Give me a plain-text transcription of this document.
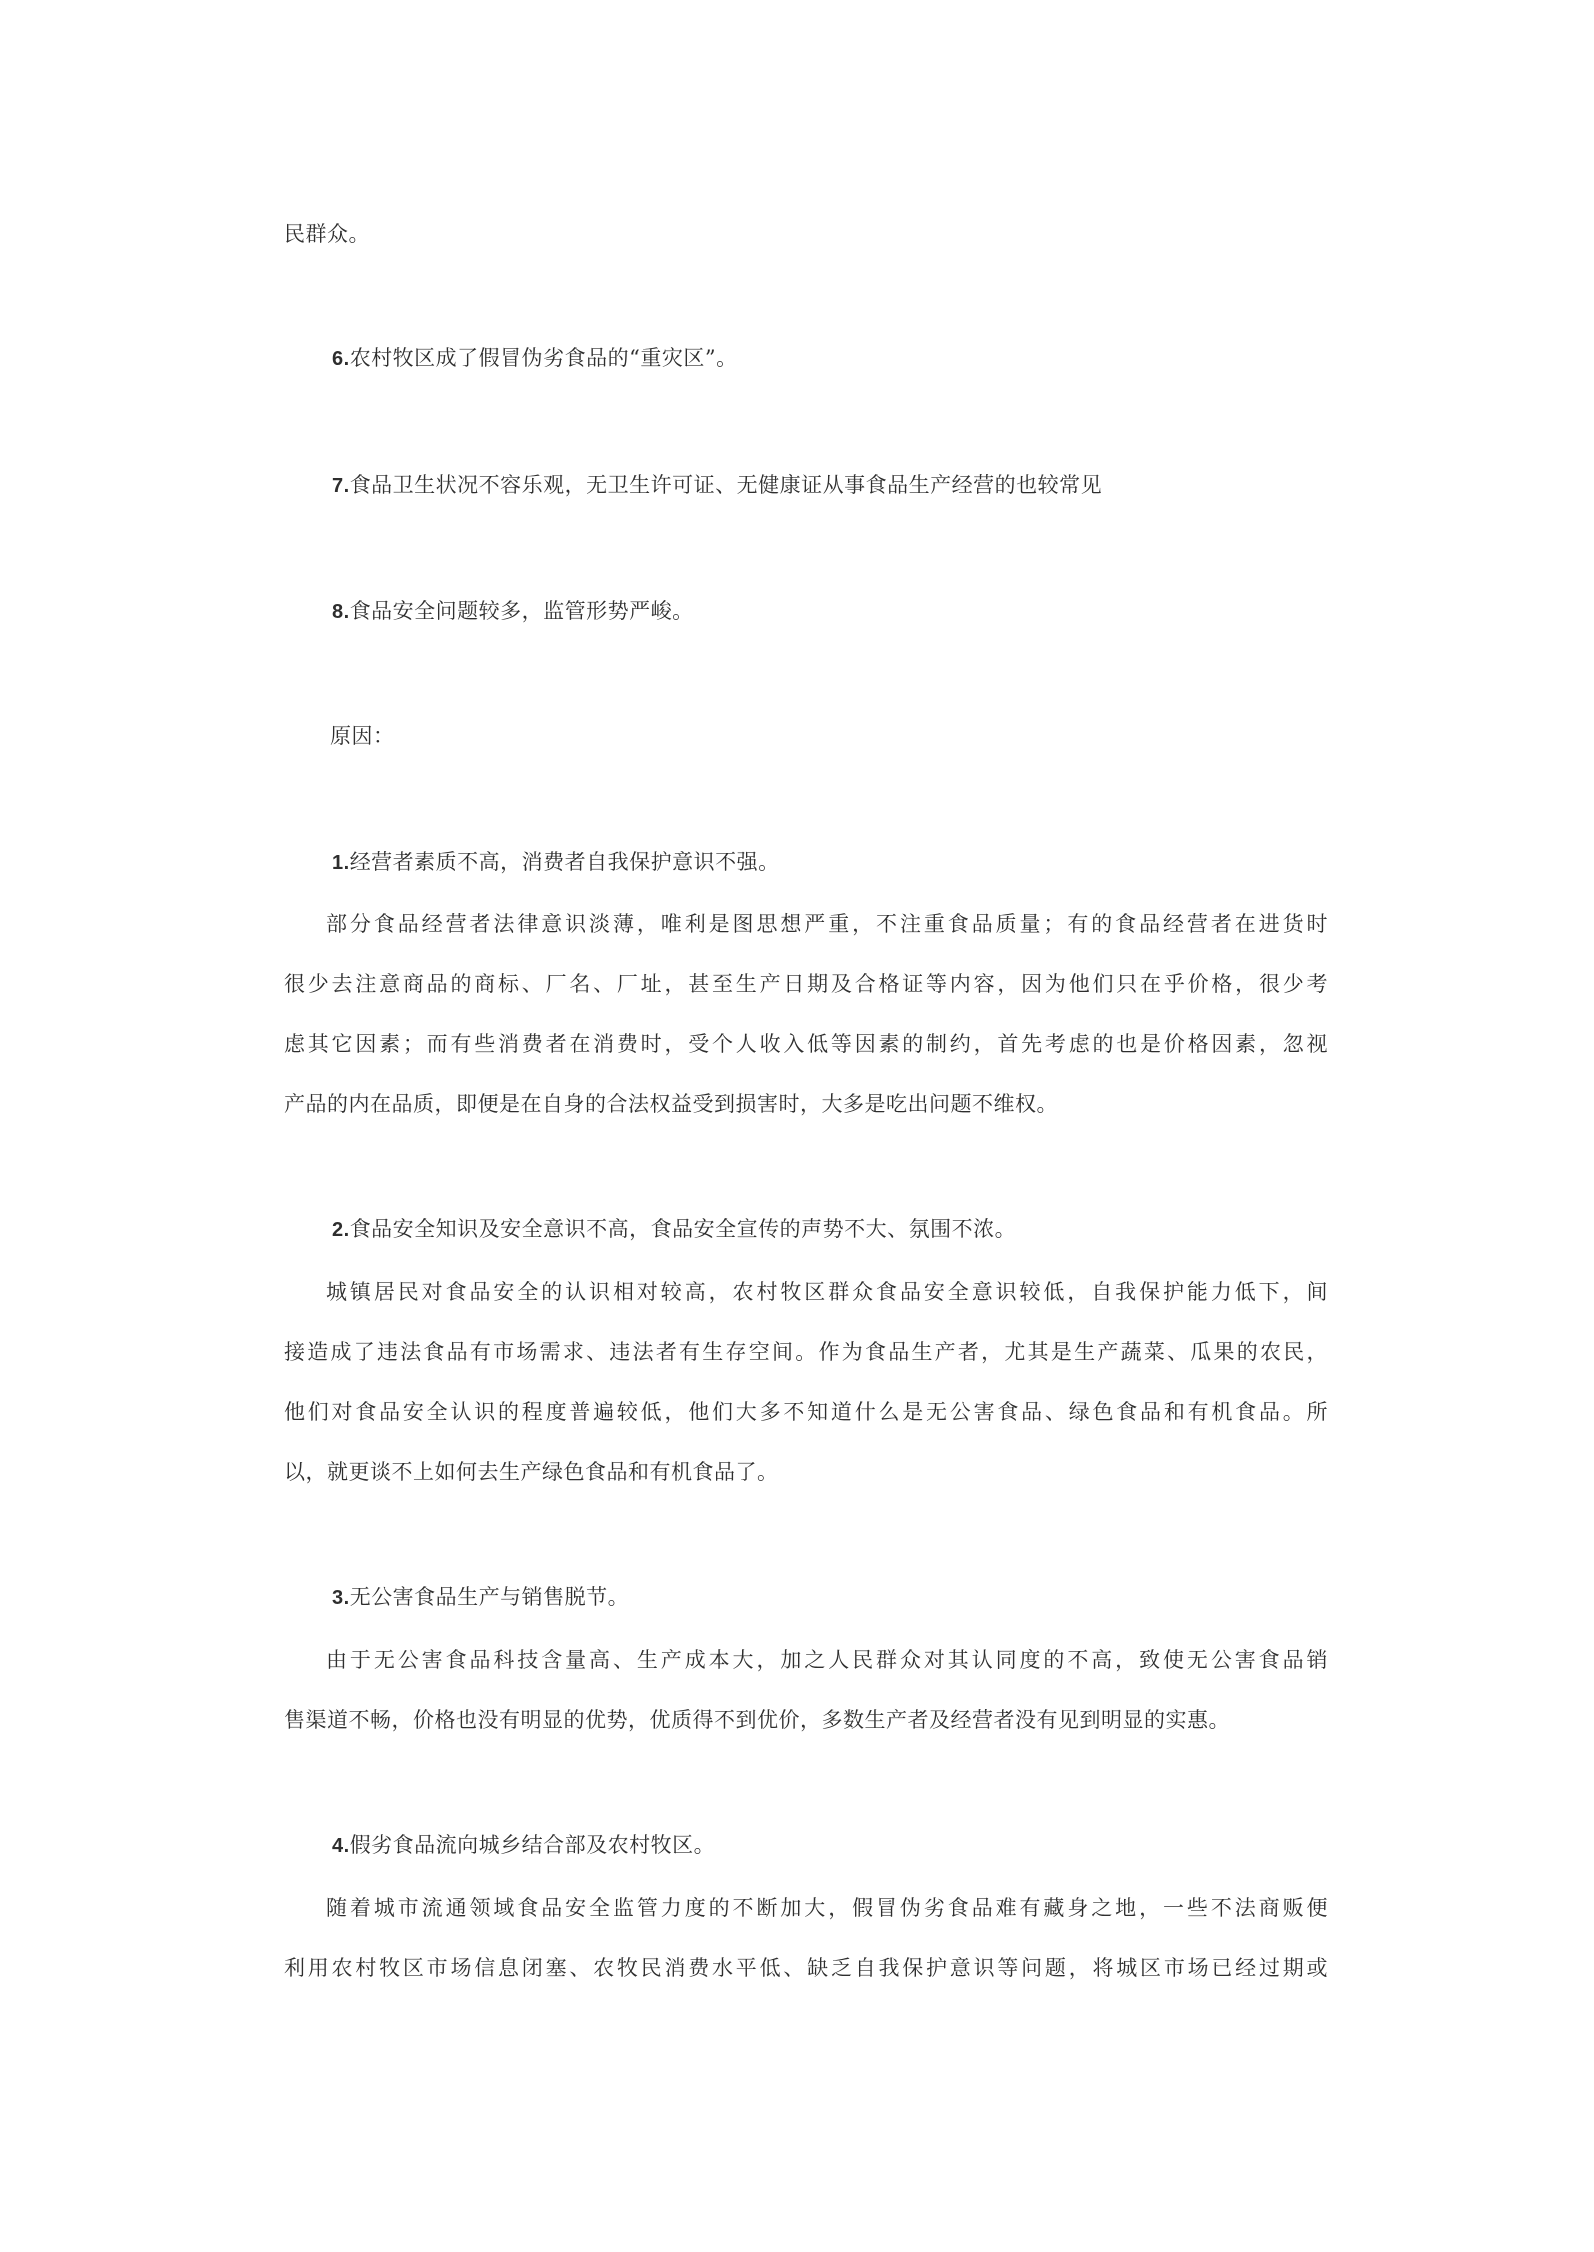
民群众。
6.农村牧区成了假冒伪劣食品的“重灾区”。
7.食品卫生状况不容乐观，无卫生许可证、无健康证从事食品生产经营的也较常见
8.食品安全问题较多，监管形势严峻。
原因：
1.经营者素质不高，消费者自我保护意识不强。
部分食品经营者法律意识淡薄，唯利是图思想严重，不注重食品质量；有的食品经营者在进货时
很少去注意商品的商标、厂名、厂址，甚至生产日期及合格证等内容，因为他们只在乎价格，很少考
虑其它因素；而有些消费者在消费时，受个人收入低等因素的制约，首先考虑的也是价格因素，忽视
产品的内在品质，即便是在自身的合法权益受到损害时，大多是吃出问题不维权。
2.食品安全知识及安全意识不高，食品安全宣传的声势不大、氛围不浓。
城镇居民对食品安全的认识相对较高，农村牧区群众食品安全意识较低，自我保护能力低下，间
接造成了违法食品有市场需求、违法者有生存空间。作为食品生产者，尤其是生产蔬菜、瓜果的农民，
他们对食品安全认识的程度普遍较低，他们大多不知道什么是无公害食品、绿色食品和有机食品。所
以，就更谈不上如何去生产绿色食品和有机食品了。
3.无公害食品生产与销售脱节。
由于无公害食品科技含量高、生产成本大，加之人民群众对其认同度的不高，致使无公害食品销
售渠道不畅，价格也没有明显的优势，优质得不到优价，多数生产者及经营者没有见到明显的实惠。
4.假劣食品流向城乡结合部及农村牧区。
随着城市流通领域食品安全监管力度的不断加大，假冒伪劣食品难有藏身之地，一些不法商贩便
利用农村牧区市场信息闭塞、农牧民消费水平低、缺乏自我保护意识等问题，将城区市场已经过期或
